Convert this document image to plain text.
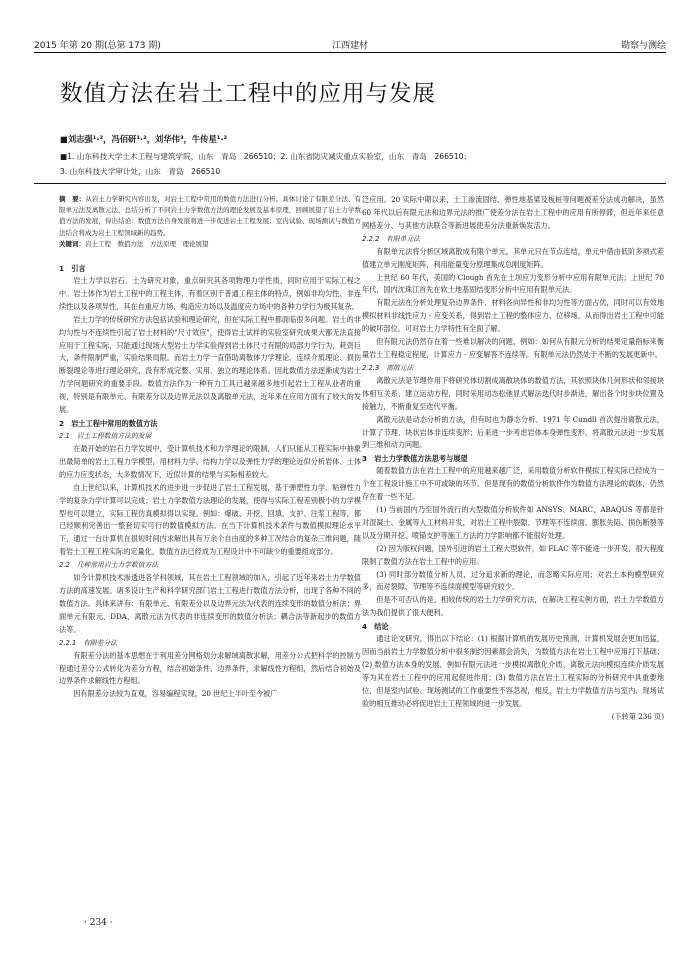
2015 年第 20 期(总第 173 期)	江西建材	勘察与测绘
数值方法在岩土工程中的应用与发展
■刘志强¹·²，冯佰研¹·²，刘华伟³，牛传星¹·²
■1. 山东科技大学土木工程与建筑学院，山东　青岛　266510；2. 山东省防灾减灾重点实验室，山东　青岛　266510；
3. 山东科技大学审计处，山东　青岛　266510

摘　要：从岩土力学研究内容出发，对岩土工程中常用的数值方法进行分析。具体讨论了有限差分法、有限单元法及离散元法，总结分析了不同岩土力学数值方法的理论发展及基本原理，回顾展望了岩土力学数值方法的发展，得出结论：数值方法自身发展将进一步促进岩土工程发展；室内试验、现场测试与数值方法结合将成为岩土工程领域新的趋势。

关键词：岩土工程　数值方法　方法原理　理论展望
1　引言

岩土力学以岩石、土为研究对象，重点研究其各项物理力学性质，同时应用于实际工程之中。岩土体作为岩土工程中的工程主体，有着区别于普通工程主体的特点，例如非均匀性、非连续性以及各项异性，其在自重应力场、构造应力场以及温度应力场中的各种力学行为极其复杂。

岩土力学的传统研究方法包括试验和理论研究，但在实际工程中都面临很多问题。岩土的非均匀性与不连续性引起了岩土材料的"尺寸效应"，使得岩土试样的实验室研究成果大都无法直接应用于工程实际，只能通过现场大型岩土力学实验得到岩土体尺寸有限的局部力学行为，耗资巨大，条件限制严重，实验结果局限。而岩土力学一直借助离散体力学理论、连续介质理论、损伤断裂理论等进行理论研究，没有形成完整、实用、独立的理论体系。因此数值方法逐渐成为岩土力学问题研究的重要手段。数值方法作为一种有力工具已越来越多地引起岩土工程从业者的重视，特别是有限单元、有限差分以及边界元法以及离散单元法，近年来在应用方面有了较大的发展。

2　岩土工程中常用的数值方法
2.1　岩土工程数值方法的发展

在最开始的岩石力学发展中，受计算机技术和力学理论的限制，人们只能从工程实际中抽象出最简单的岩土工程力学模型，用材料力学、结构力学以及弹性力学的理论近似分析岩体、土体的应力应变状态，大多数情况下，近似计算的结果与实际相差较大。

自上世纪以来，计算机技术的进步进一步促进了岩土工程发展，基于弹塑性力学、粘弹性力学的复杂力学计算可以完成；岩土力学数值方法理论的发展，使得与实际工程差别极小的力学模型也可以建立，实际工程仿真模拟得以实现。例如：爆破、开挖、回填、支护、注浆工程等，都已经顺利完善出一整套切实可行的数值模拟方法。在当下计算机技术条件与数值模拟理论水平下，通过一台计算机在很短时间内求解出具有万余个自由度的多种工况结合的复杂三维问题，随着岩土工程工程实际的定量化，数值方法已经成为工程设计中不可缺少的重要组成部分。

2.2　几种常用岩土力学数值方法

如今计算机技术渗透进各学科领域，其在岩土工程领域的加入，引起了近年来岩土力学数值方法的高速发展。诸多设计生产和科学研究部门岩土工程进行数值方法分析，出现了各种不同的数值方法。具体来讲有：有限单元、有限差分以及边界元法为代表的连续变形的数值分析法；界面单元有限元、DDA、离散元法为代表的非连续变形的数值分析法；耦合法等新起步的数值方法等。

2.2.1　有限差分法

有限差分法的基本思想在于利用差分网格划分求解域离散求解，用差分公式把科学的控制方程通过差分公式转化为差分方程，结合初始条件、边界条件，求解线性方程组，然后结合初始及边界条件求解线性方程组。

因有限差分法较为直观，容易编程实现，20 世纪上半叶至今被广

泛应用。20 实际中期以来，土工渗流固结、弹性地基梁及板桩等问题被差分法成功解决，虽然 60 年代以后有限元法和边界元法的推广使差分法在岩土工程中的应用有所停滞，但近年来任意网格差分、与其他方法联合等新进展使差分法重新焕发活力。

2.2.2　有限单元法

有限单元法将分析区域离散成有限个单元，其单元只在节点连结，单元中借由低阶多项式差值建立单元刚度矩阵，利用能量变分原理集成总刚度矩阵。

上世纪 60 年代，美国的 Clough 首先在土坝应力变形分析中应用有限单元法；上世纪 70 年代，国内沈珠江首先在软土地基固结变形分析中应用有限单元法。

有限元法在分析处理复杂边界条件、材料各向异性和非均匀性等方面占优，同时可以有效地模拟材料非线性应力 - 应变关系，得到岩土工程的整体应力、位移场，从而得出岩土工程中可能的破坏部位，可对岩土力学特性有全面了解。

但有限元法仍然存在着一些难以解决的问题，例如：如何从有限元分析的结果定量指标来衡量岩土工程稳定程度，计算应力 - 应变解答不连续等。有限单元法仍然处于不断的发展更新中。

2.2.3　离散元法

离散元法是节理作用下将研究体切割成离散块体的数值方法，其依照块体几何形状和邻接块体相互关系，建立运动方程，同时采用动态松弛显式解法迭代时步渐进，解出各个时步块位置及接触力，不断重复至迭代平衡。

离散元法是动态分析的方法，但有时也为静态分析。1971 年 Cundll 首次提出离散元法，计算了节理、块状岩体非连续变形；后来进一步考虑岩体本身弹性变形，将离散元法进一步发展到三维和动力问题。

3　岩土力学数值方法思考与展望

随着数值方法在岩土工程中的应用越来越广泛，采用数值分析软件模拟工程实际已经成为一个在工程设计施工中不可或缺的环节。但是现有的数值分析软件作为数值方法理论的载体，仍然存在着一些不足。

(1) 当前国内乃至国外流行的大型数值分析软件如 ANSYS、MARC、ABAQUS 等都是针对混凝土、金属等人工材料开发，对岩土工程中裂隙、节理等不连续面、膨胀失陷、损伤断裂等以及分期开挖、喷锚支护等施工方法的力学影响都不能很好处理。

(2) 因为版权问题，国外引进的岩土工程大型软件，如 FLAC 等不能进一步开发，很大程度限制了数值方法在岩土工程中的应用。

(3) 同时部分数值分析人员，过分追求新的理论，而忽略实际应用；对岩土本构模型研究多，而对裂隙、节理等不连续面模型等研究较少。

但是不可否认的是，相较传统的岩土力学研究方法，在解决工程实例方面，岩土力学数值方法为我们提供了很大便利。

4　结论

通过论文研究，得出以下结论：(1) 根据计算机的发展历史预测，计算机发展会更加迅猛，因而当前岩土力学数值分析中很多制约因素都会消失，为数值方法在岩土工程中应用打下基础；(2) 数值方法本身的发展，例如有限元法进一步模拟离散化介质、离散元法向模拟连续介质发展等为其在岩土工程中的应用起促进作用；(3) 数值方法在岩土工程实际的分析研究中具重要地位，但是室内试验、现场测试的工作重要性不容忽视，相反，岩土力学数值方法与室内、现场试验的相互推动必将促进岩土工程领域的进一步发展。

(下转第 236 页)

· 234 ·
